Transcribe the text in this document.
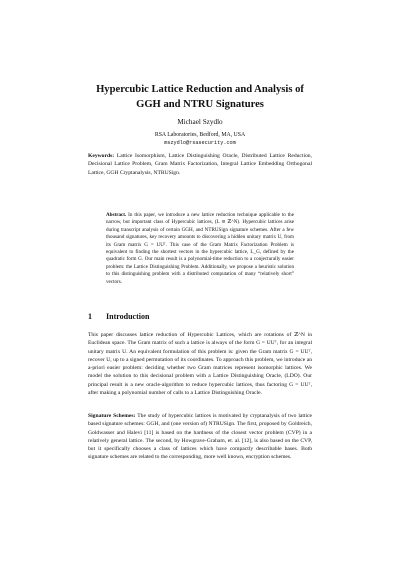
Hypercubic Lattice Reduction and Analysis of
GGH and NTRU Signatures
Michael Szydlo
RSA Laboratories, Bedford, MA, USA
mszydlo@rsasecurity.com
Keywords: Lattice Isomorphism, Lattice Distinguishing Oracle, Distributed Lattice Reduction, Decisional Lattice Problem, Gram Matrix Factorization, Integral Lattice Embedding Orthogonal Lattice, GGH Cryptanalysis, NTRUSign.
Abstract. In this paper, we introduce a new lattice reduction technique applicable to the narrow, but important class of Hypercubic lattices, (L ≅ ℤ^N). Hypercubic lattices arise during transcript analysis of certain GGH, and NTRUSign signature schemes. After a few thousand signatures, key recovery amounts to discovering a hidden unitary matrix U, from its Gram matrix G = UUᵀ. This case of the Gram Matrix Factorization Problem is equivalent to finding the shortest vectors in the hypercubic lattice, L_G, defined by the quadratic form G. Our main result is a polynomial-time reduction to a conjecturally easier problem: the Lattice Distinguishing Problem. Additionally, we propose a heuristic solution to this distinguishing problem with a distributed computation of many “relatively short” vectors.
1 Introduction
This paper discusses lattice reduction of Hypercubic Lattices, which are rotations of ℤ^N in Euclidean space. The Gram matrix of such a lattice is always of the form G = UUᵀ, for an integral unitary matrix U. An equivalent formulation of this problem is: given the Gram matrix G = UUᵀ, recover U, up to a signed permutation of its coordinates. To approach this problem, we introduce an a-priori easier problem: deciding whether two Gram matrices represent isomorphic lattices. We model the solution to this decisional problem with a Lattice Distinguishing Oracle, (LDO). Our principal result is a new oracle-algorithm to reduce hypercubic lattices, thus factoring G = UUᵀ, after making a polynomial number of calls to a Lattice Distinguishing Oracle.
Signature Schemes: The study of hypercubic lattices is motivated by cryptanalysis of two lattice based signature schemes: GGH, and (one version of) NTRUSign. The first, proposed by Goldreich, Goldwasser and Halevi [11] is based on the hardness of the closest vector problem (CVP) in a relatively general lattice. The second, by Howgrave-Graham, et. al. [12], is also based on the CVP, but it specifically chooses a class of lattices which have compactly describable bases. Both signature schemes are related to the corresponding, more well known, encryption schemes.
